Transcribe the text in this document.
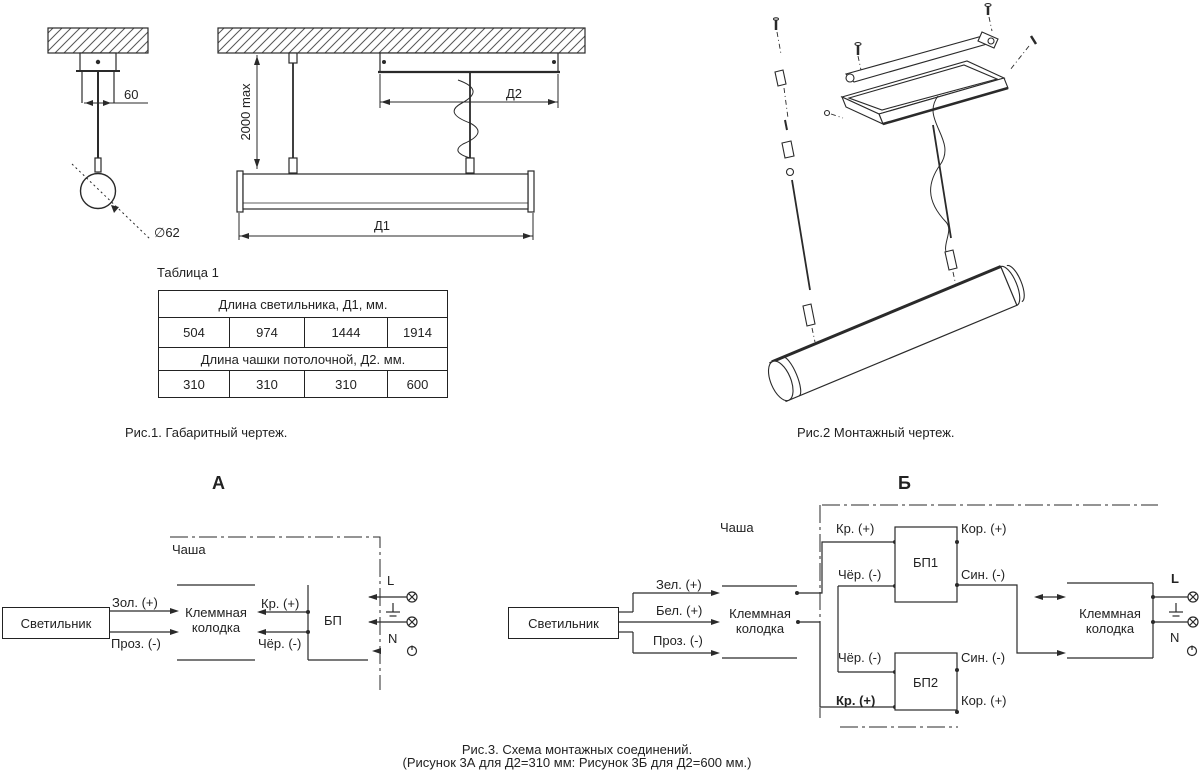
60	2000 max	Д2
Д1
∅62
Рис.1. Габаритный чертеж.	Рис.2 Монтажный чертеж.
Таблица 1
Длина светильника, Д1, мм.
504	974	1444	1914
Длина чашки потолочной, Д2. мм.
310	310	310	600
А
Чаша
Светильник
Зол. (+)
Проз. (-)
Клеммная колодка
Кр. (+)
Чёр. (-)
БП
L
N
Б
Чаша
Светильник
Зел. (+)
Бел. (+)
Проз. (-)
Клеммная колодка
Кр. (+)
Чёр. (-)
Чёр. (-)
Кр. (+)
БП1
БП2
Кор. (+)
Син. (-)
Син. (-)
Кор. (+)
Клеммная колодка
L
N
Рис.3. Схема монтажных соединений.
(Рисунок 3А для Д2=310 мм: Рисунок 3Б для Д2=600 мм.)
